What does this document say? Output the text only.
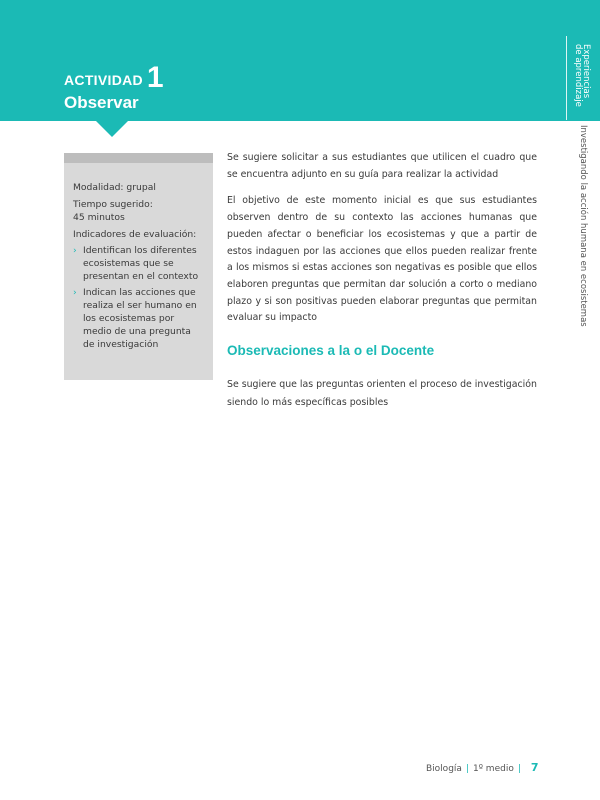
ACTIVIDAD 1
Observar
Experiencias
de aprendizaje
Investigando la acción humana en ecosistemas
Modalidad: grupal
Tiempo sugerido:
45 minutos
Indicadores de evaluación:
› Identifican los diferentes ecosistemas que se presentan en el contexto
› Indican las acciones que realiza el ser humano en los ecosistemas por medio de una pregunta de investigación

Se sugiere solicitar a sus estudiantes que utilicen el cuadro que se encuentra adjunto en su guía para realizar la actividad

El objetivo de este momento inicial es que sus estudiantes observen dentro de su contexto las acciones humanas que pueden afectar o beneficiar los ecosistemas y que a partir de estos indaguen por las acciones que ellos pueden realizar frente a los mismos si estas acciones son negativas es posible que ellos elaboren preguntas que permitan dar solución a corto o mediano plazo y si son positivas pueden elaborar preguntas que permitan evaluar su impacto

Observaciones a la o el Docente

Se sugiere que las preguntas orienten el proceso de investigación siendo lo más específicas posibles

Biología | 1º medio | 7
